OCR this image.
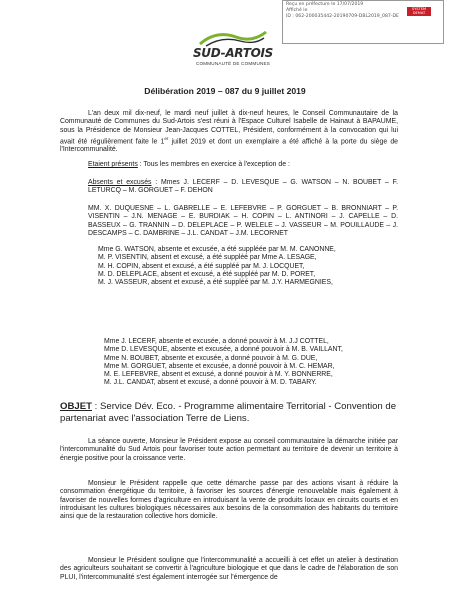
Reçu en préfecture le 17/07/2019
Affiché le
ID : 062-200035442-20190709-DBL2019_087-DE
SYSTEM DEMAT
SUD-ARTOIS
COMMUNAUTÉ DE COMMUNES
Délibération 2019 – 087 du 9 juillet 2019

L'an deux mil dix-neuf, le mardi neuf juillet à dix-neuf heures, le Conseil Communautaire de la Communauté de Communes du Sud-Artois s'est réuni à l'Espace Culturel Isabelle de Hainaut à BAPAUME, sous la Présidence de Monsieur Jean-Jacques COTTEL, Président, conformément à la convocation qui lui avait été régulièrement faite le 1er juillet 2019 et dont un exemplaire a été affiché à la porte du siège de l'Intercommunalité.

Etaient présents : Tous les membres en exercice à l'exception de :

Absents et excusés : Mmes J. LECERF – D. LEVESQUE – G. WATSON – N. BOUBET – F. LETURCQ – M. GORGUET – F. DEHON

MM. X. DUQUESNE – L. GABRELLE – E. LEFEBVRE – P. GORGUET – B. BRONNIART – P. VISENTIN – J.N. MENAGE – E. BURDIAK – H. COPIN – L. ANTINORI – J. CAPELLE – D. BASSEUX – G. TRANNIN – D. DELEPLACE – P. WELELE – J. VASSEUR – M. POUILLAUDE – J. DESCAMPS – C. DAMBRINE – J.L. CANDAT – J.M. LECORNET

Mme G. WATSON, absente et excusée, a été suppléée par M. M. CANONNE,
M. P. VISENTIN, absent et excusé, a été suppléé par Mme A. LESAGE,
M. H. COPIN, absent et excusé, a été suppléé par M. J. LOCQUET,
M. D. DELEPLACE, absent et excusé, a été suppléé par M. D. PORET,
M. J. VASSEUR, absent et excusé, a été suppléé par M. J.Y. HARMEGNIES,
Mme J. LECERF, absente et excusée, a donné pouvoir à M. J.J COTTEL,
Mme D. LEVESQUE, absente et excusée, a donné pouvoir à M. B. VAILLANT,
Mme N. BOUBET, absente et excusée, a donné pouvoir à M. G. DUE,
Mme M. GORGUET, absente et excusée, a donné pouvoir à M. C. HEMAR,
M. E. LEFEBVRE, absent et excusé, a donné pouvoir à M. Y. BONNERRE,
M. J.L. CANDAT, absent et excusé, a donné pouvoir à M. D. TABARY.
OBJET : Service Dév. Eco. - Programme alimentaire Territorial - Convention de partenariat avec l'association Terre de Liens.

La séance ouverte, Monsieur le Président expose au conseil communautaire la démarche initiée par l'intercommunalité du Sud Artois pour favoriser toute action permettant au territoire de devenir un territoire à énergie positive pour la croissance verte.

Monsieur le Président rappelle que cette démarche passe par des actions visant à réduire la consommation énergétique du territoire, à favoriser les sources d'énergie renouvelable mais également à favoriser de nouvelles formes d'agriculture en introduisant la vente de produits locaux en circuits courts et en introduisant les cultures biologiques nécessaires aux besoins de la consommation des habitants du territoire ainsi que de la restauration collective hors domicile.

Monsieur le Président souligne que l'intercommunalité a accueilli à cet effet un atelier à destination des agriculteurs souhaitant se convertir à l'agriculture biologique et que dans le cadre de l'élaboration de son PLUI, l'intercommunalité s'est également interrogée sur l'émergence de
